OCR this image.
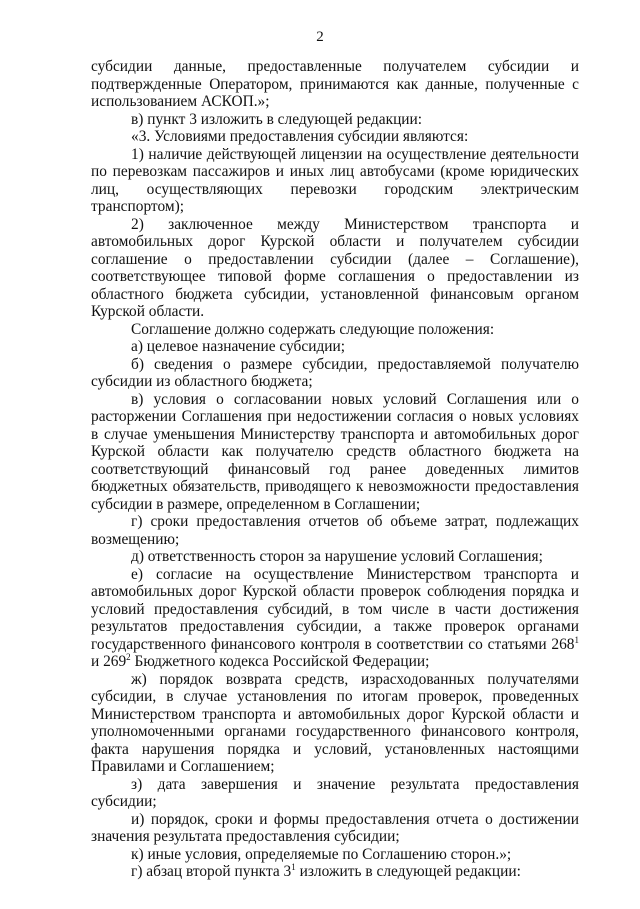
2

субсидии данные, предоставленные получателем субсидии и подтвержденные Оператором, принимаются как данные, полученные с использованием АСКОП.»;

в) пункт 3 изложить в следующей редакции:

«3. Условиями предоставления субсидии являются:

1) наличие действующей лицензии на осуществление деятельности по перевозкам пассажиров и иных лиц автобусами (кроме юридических лиц, осуществляющих перевозки городским электрическим транспортом);

2) заключенное между Министерством транспорта и автомобильных дорог Курской области и получателем субсидии соглашение о предоставлении субсидии (далее – Соглашение), соответствующее типовой форме соглашения о предоставлении из областного бюджета субсидии, установленной финансовым органом Курской области.

Соглашение должно содержать следующие положения:

а) целевое назначение субсидии;

б) сведения о размере субсидии, предоставляемой получателю субсидии из областного бюджета;

в) условия о согласовании новых условий Соглашения или о расторжении Соглашения при недостижении согласия о новых условиях в случае уменьшения Министерству транспорта и автомобильных дорог Курской области как получателю средств областного бюджета на соответствующий финансовый год ранее доведенных лимитов бюджетных обязательств, приводящего к невозможности предоставления субсидии в размере, определенном в Соглашении;

г) сроки предоставления отчетов об объеме затрат, подлежащих возмещению;

д) ответственность сторон за нарушение условий Соглашения;

е) согласие на осуществление Министерством транспорта и автомобильных дорог Курской области проверок соблюдения порядка и условий предоставления субсидий, в том числе в части достижения результатов предоставления субсидии, а также проверок органами государственного финансового контроля в соответствии со статьями $268^1$ и $269^2$ Бюджетного кодекса Российской Федерации;

ж) порядок возврата средств, израсходованных получателями субсидии, в случае установления по итогам проверок, проведенных Министерством транспорта и автомобильных дорог Курской области и уполномоченными органами государственного финансового контроля, факта нарушения порядка и условий, установленных настоящими Правилами и Соглашением;

з) дата завершения и значение результата предоставления субсидии;

и) порядок, сроки и формы предоставления отчета о достижении значения результата предоставления субсидии;

к) иные условия, определяемые по Соглашению сторон.»;

г) абзац второй пункта $3^1$ изложить в следующей редакции:
